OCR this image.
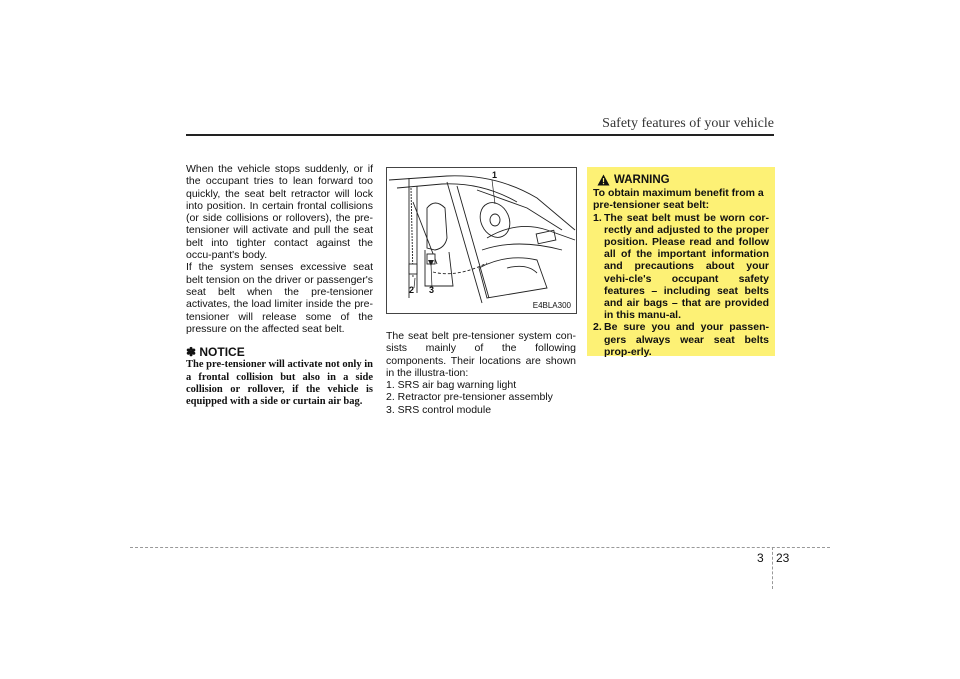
Safety features of your vehicle

When the vehicle stops suddenly, or if the occupant tries to lean forward too quickly, the seat belt retractor will lock into position. In certain frontal collisions (or side collisions or rollovers), the pre-tensioner will activate and pull the seat belt into tighter contact against the occu-pant's body.

If the system senses excessive seat belt tension on the driver or passenger's seat belt when the pre-tensioner activates, the load limiter inside the pre-tensioner will release some of the pressure on the affected seat belt.

✽ NOTICE

The pre-tensioner will activate not only in a frontal collision but also in a side collision or rollover, if the vehicle is equipped with a side or curtain air bag.

1
2 3
E4BLA300

The seat belt pre-tensioner system con-sists mainly of the following components. Their locations are shown in the illustra-tion:

1. SRS air bag warning light
2. Retractor pre-tensioner assembly
3. SRS control module
WARNING

To obtain maximum benefit from a pre-tensioner seat belt:

1. The seat belt must be worn cor-rectly and adjusted to the proper position. Please read and follow all of the important information and precautions about your vehi-cle's occupant safety features – including seat belts and air bags – that are provided in this manu-al.
2. Be sure you and your passen-gers always wear seat belts prop-erly.
3 23
